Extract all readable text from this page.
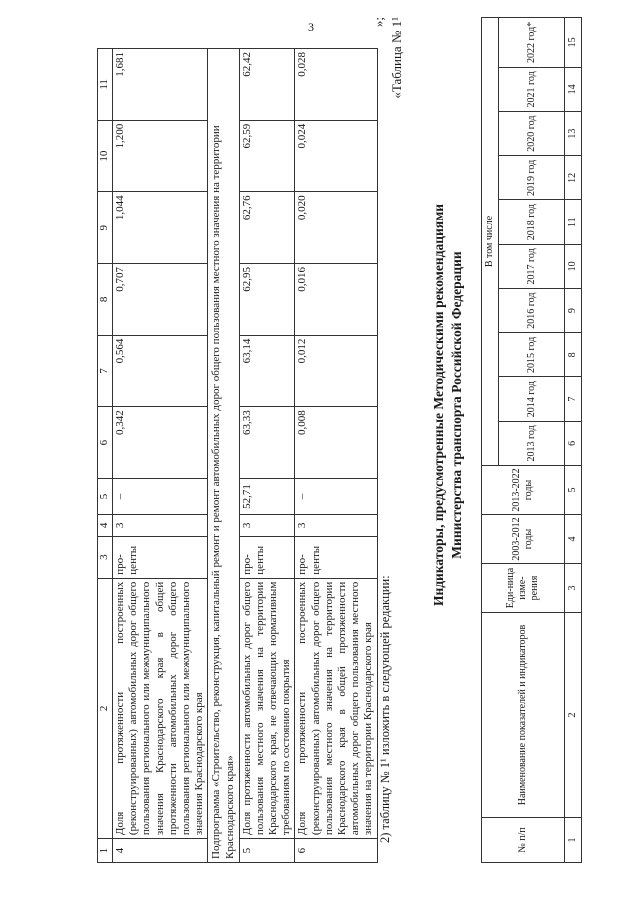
3
1	2	3	4	5	6	7	8	9	10	11
4	Доля протяженности построенных (реконструированных) автомобильных дорог общего пользования регионального или межмуниципального значения Краснодарского края в общей протяженности автомобильных дорог общего пользования регионального или межмуниципального значения Краснодарского края	про-центы	3	–	0,342	0,564	0,707	1,044	1,200	1,681
Подпрограмма «Строительство, реконструкция, капитальный ремонт и ремонт автомобильных дорог общего пользования местного значения на территории Краснодарского края»										
5	Доля протяженности автомобильных дорог общего пользования местного значения на территории Краснодарского края, не отвечающих нормативным требованиям по состоянию покрытия	про-центы	3	52,71	63,33	63,14	62,95	62,76	62,59	62,42
6	Доля протяженности построенных (реконструированных) автомобильных дорог общего пользования местного значения на территории Краснодарского края в общей протяженности автомобильных дорог общего пользования местного значения на территории Краснодарского края	про-центы	3	–	0,008	0,012	0,016	0,020	0,024	0,028
2) таблицу № 1¹ изложить в следующей редакции:
»; «Таблица № 1¹
Индикаторы, предусмотренные Методическими рекомендациями Министерства транспорта Российской Федерации
№ п/п	Наименование показателей и индикаторов	Еди-ница изме-рения	2003-2012 годы	2013-2022 годы	В том числе									
					2013 год	2014 год	2015 год	2016 год	2017 год	2018 год	2019 год	2020 год	2021 год	2022 год*
1	2	3	4	5	6	7	8	9	10	11	12	13	14	15
